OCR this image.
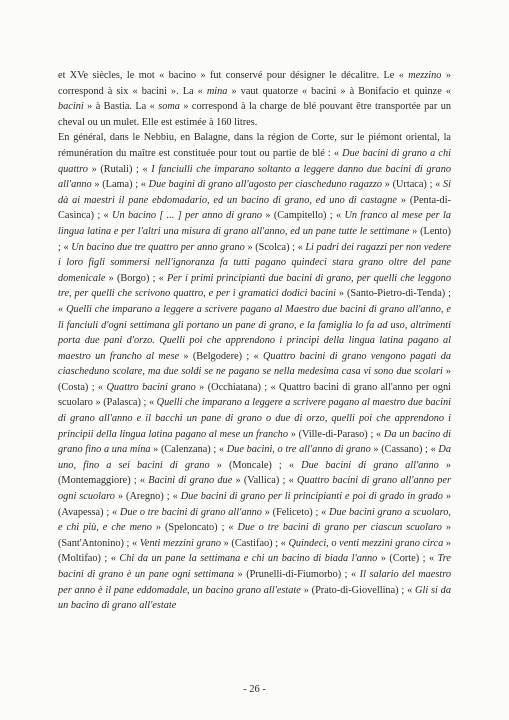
et XVe siècles, le mot « bacino » fut conservé pour désigner le décalitre. Le « mezzino » correspond à six « bacini ». La « mina » vaut quatorze « bacini » à Bonifacio et quinze « bacini » à Bastia. La « soma » correspond à la charge de blé pouvant être transportée par un cheval ou un mulet. Elle est estimée à 160 litres.

En général, dans le Nebbiu, en Balagne, dans la région de Corte, sur le piémont oriental, la rémunération du maître est constituée pour tout ou partie de blé : « Due bacini di grano a chi quattro » (Rutali) ; « I fanciulli che imparano soltanto a leggere danno due bacini di grano all'anno » (Lama) ; « Due bagini di grano all'agosto per ciascheduno ragazzo » (Urtaca) ; « Si dà ai maestri il pane ebdomadario, ed un bacino di grano, ed uno di castagne » (Penta-di-Casinca) ; « Un bacino [ ... ] per anno di grano » (Campitello) ; « Un franco al mese per la lingua latina e per l'altri una misura di grano all'anno, ed un pane tutte le settimane » (Lento) ; « Un bacino due tre quattro per anno grano » (Scolca) ; « Li padri dei ragazzi per non vedere i loro figli sommersi nell'ignoranza fa tutti pagano quindeci stara grano oltre del pane domenicale » (Borgo) ; « Per i primi principianti due bacini di grano, per quelli che leggono tre, per quelli che scrivono quattro, e per i gramatici dodici bacini » (Santo-Pietro-di-Tenda) ; « Quelli che imparano a leggere a scrivere pagano al Maestro due bacini di grano all'anno, e li fanciuli d'ogni settimana gli portano un pane di grano, e la famiglia lo fa ad uso, altrimenti porta due pani d'orzo. Quelli poi che apprendono i principi della lingua latina pagano al maestro un francho al mese » (Belgodere) ; « Quattro bacini di grano vengono pagati da ciascheduno scolare, ma due soldi se ne pagano se nella medesima casa vi sono due scolari » (Costa) ; « Quattro bacini grano » (Occhiatana) ; « Quattro bacini di grano all'anno per ogni scuolaro » (Palasca) ; « Quelli che imparano a leggere a scrivere pagano al maestro due bacini di grano all'anno e il bacchi un pane di grano o due di orzo, quelli poi che apprendono i principii della lingua latina pagano al mese un francho » (Ville-di-Paraso) ; « Da un bacino di grano fino a una mina » (Calenzana) ; « Due bacini, o tre all'anno di grano » (Cassano) ; « Da uno, fino a sei bacini di grano » (Moncale) ; « Due bacini di grano all'anno » (Montemaggiore) ; « Bacini di grano due » (Vallica) ; « Quattro bacini di grano all'anno per ogni scuolaro » (Aregno) ; « Due bacini di grano per li principianti e poi di grado in grado » (Avapessa) ; « Due o tre bacini di grano all'anno » (Feliceto) ; « Due bacini grano a scuolaro, e chi più, e che meno » (Speloncato) ; « Due o tre bacini di grano per ciascun scuolaro » (Sant'Antonino) ; « Venti mezzini grano » (Castifao) ; « Quindeci, o venti mezzini grano circa » (Moltifao) ; « Chi da un pane la settimana e chi un bacino di biada l'anno » (Corte) ; « Tre bacini di grano è un pane ogni settimana » (Prunelli-di-Fiumorbo) ; « Il salario del maestro per anno è il pane eddomadale, un bacino grano all'estate » (Prato-di-Giovellina) ; « Gli si da un bacino di grano all'estate

- 26 -
